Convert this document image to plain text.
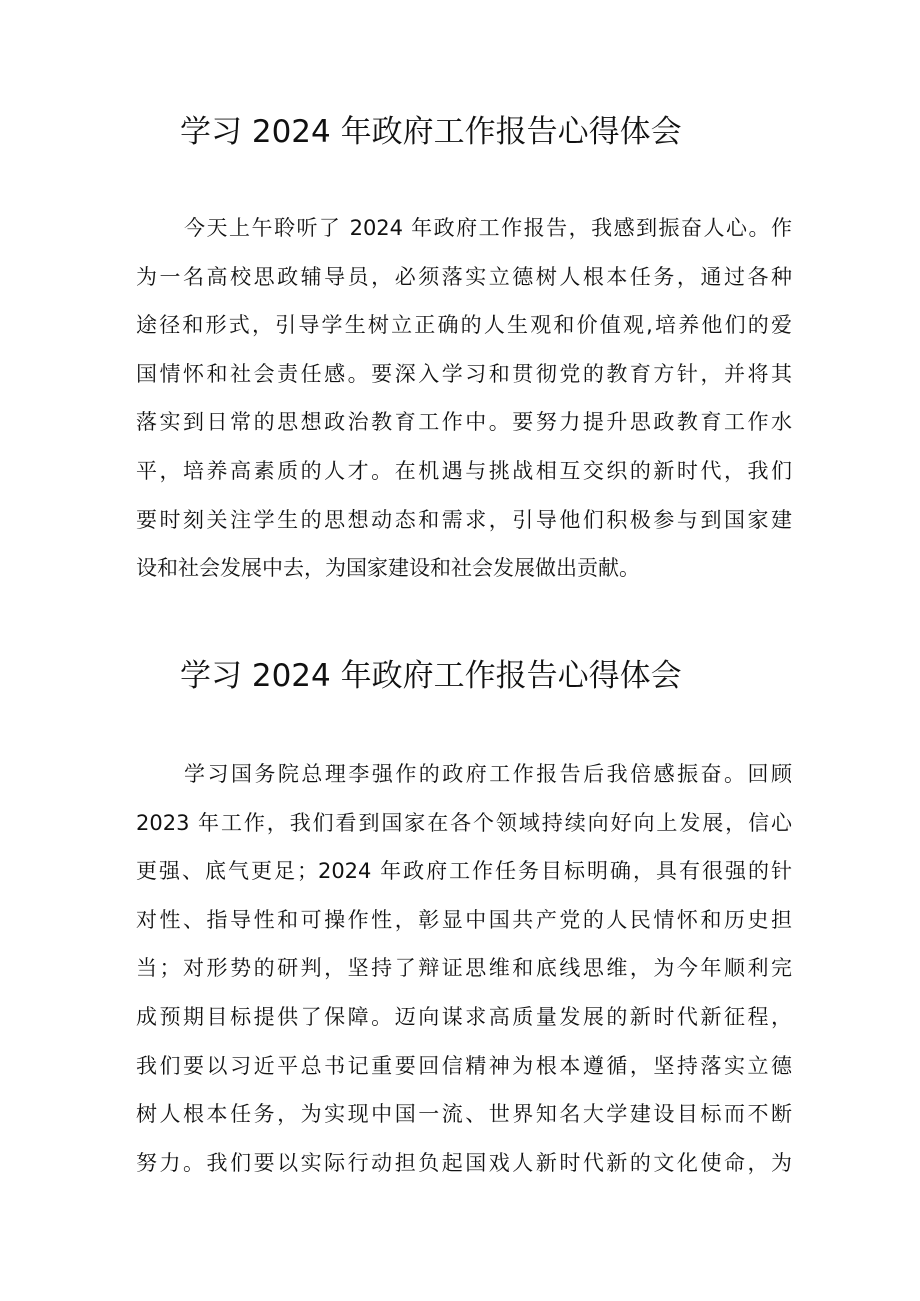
学习 2024 年政府工作报告心得体会
今天上午聆听了 2024 年政府工作报告，我感到振奋人心。作
为一名高校思政辅导员，必须落实立德树人根本任务，通过各种
途径和形式，引导学生树立正确的人生观和价值观,培养他们的爱
国情怀和社会责任感。要深入学习和贯彻党的教育方针，并将其
落实到日常的思想政治教育工作中。要努力提升思政教育工作水
平，培养高素质的人才。在机遇与挑战相互交织的新时代，我们
要时刻关注学生的思想动态和需求，引导他们积极参与到国家建
设和社会发展中去，为国家建设和社会发展做出贡献。
学习 2024 年政府工作报告心得体会
学习国务院总理李强作的政府工作报告后我倍感振奋。回顾
2023 年工作，我们看到国家在各个领域持续向好向上发展，信心
更强、底气更足；2024 年政府工作任务目标明确，具有很强的针
对性、指导性和可操作性，彰显中国共产党的人民情怀和历史担
当；对形势的研判，坚持了辩证思维和底线思维，为今年顺利完
成预期目标提供了保障。迈向谋求高质量发展的新时代新征程，
我们要以习近平总书记重要回信精神为根本遵循，坚持落实立德
树人根本任务，为实现中国一流、世界知名大学建设目标而不断
努力。我们要以实际行动担负起国戏人新时代新的文化使命，为
